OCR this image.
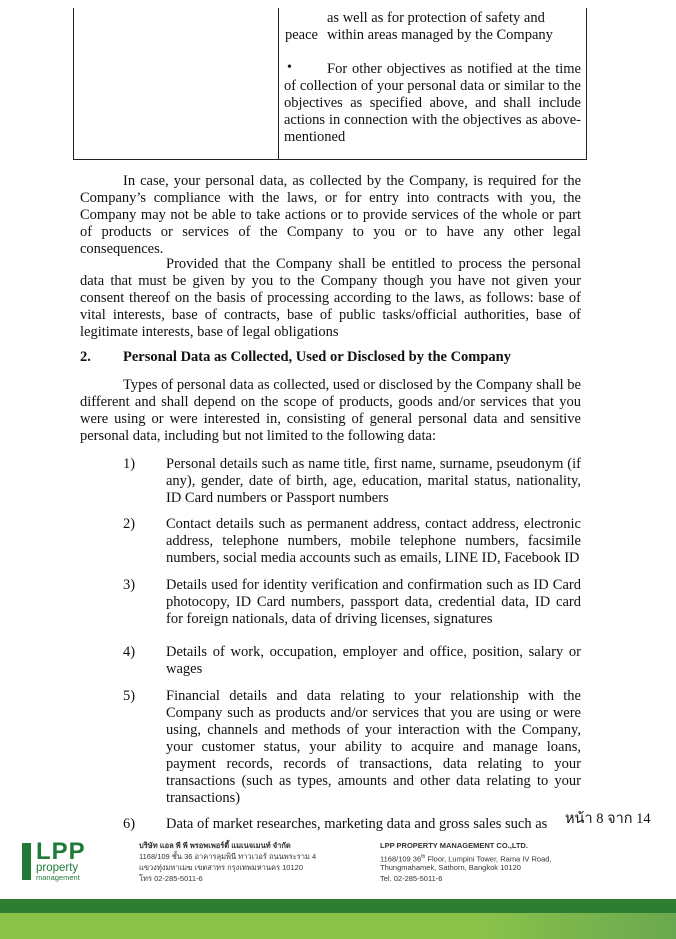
as well as for protection of safety and
peace within areas managed by the Company
•	For other objectives as notified at the time of collection of your personal data or similar to the objectives as specified above, and shall include actions in connection with the objectives as above-mentioned
In case, your personal data, as collected by the Company, is required for the Company’s compliance with the laws, or for entry into contracts with you, the Company may not be able to take actions or to provide services of the whole or part of products or services of the Company to you or to have any other legal consequences.
Provided that the Company shall be entitled to process the personal data that must be given by you to the Company though you have not given your consent thereof on the basis of processing according to the laws, as follows: base of vital interests, base of contracts, base of public tasks/official authorities, base of legitimate interests, base of legal obligations
2. Personal Data as Collected, Used or Disclosed by the Company
Types of personal data as collected, used or disclosed by the Company shall be different and shall depend on the scope of products, goods and/or services that you were using or were interested in, consisting of general personal data and sensitive personal data, including but not limited to the following data:
1) Personal details such as name title, first name, surname, pseudonym (if any), gender, date of birth, age, education, marital status, nationality, ID Card numbers or Passport numbers
2) Contact details such as permanent address, contact address, electronic address, telephone numbers, mobile telephone numbers, facsimile numbers, social media accounts such as emails, LINE ID, Facebook ID
3) Details used for identity verification and confirmation such as ID Card photocopy, ID Card numbers, passport data, credential data, ID card for foreign nationals, data of driving licenses, signatures
4) Details of work, occupation, employer and office, position, salary or wages
5) Financial details and data relating to your relationship with the Company such as products and/or services that you are using or were using, channels and methods of your interaction with the Company, your customer status, your ability to acquire and manage loans, payment records, records of transactions, data relating to your transactions (such as types, amounts and other data relating to your transactions)
6) Data of market researches, marketing data and gross sales such as	หน้า 8 จาก 14
LPP
property
management
บริษัท แอล พี พี พรอพเพอร์ตี้ แมเนจเมนท์ จำกัด
1168/109 ชั้น 36 อาคารลุมพินี ทาวเวอร์ ถนนพระราม 4
แขวงทุ่งมหาเมฆ เขตสาทร กรุงเทพมหานคร 10120
โทร 02-285-5011-6
LPP PROPERTY MANAGEMENT CO.,LTD.
1168/109 36th Floor, Lumpini Tower, Rama IV Road,
Thungmahamek, Sathorn, Bangkok 10120
Tel. 02-285-5011-6
